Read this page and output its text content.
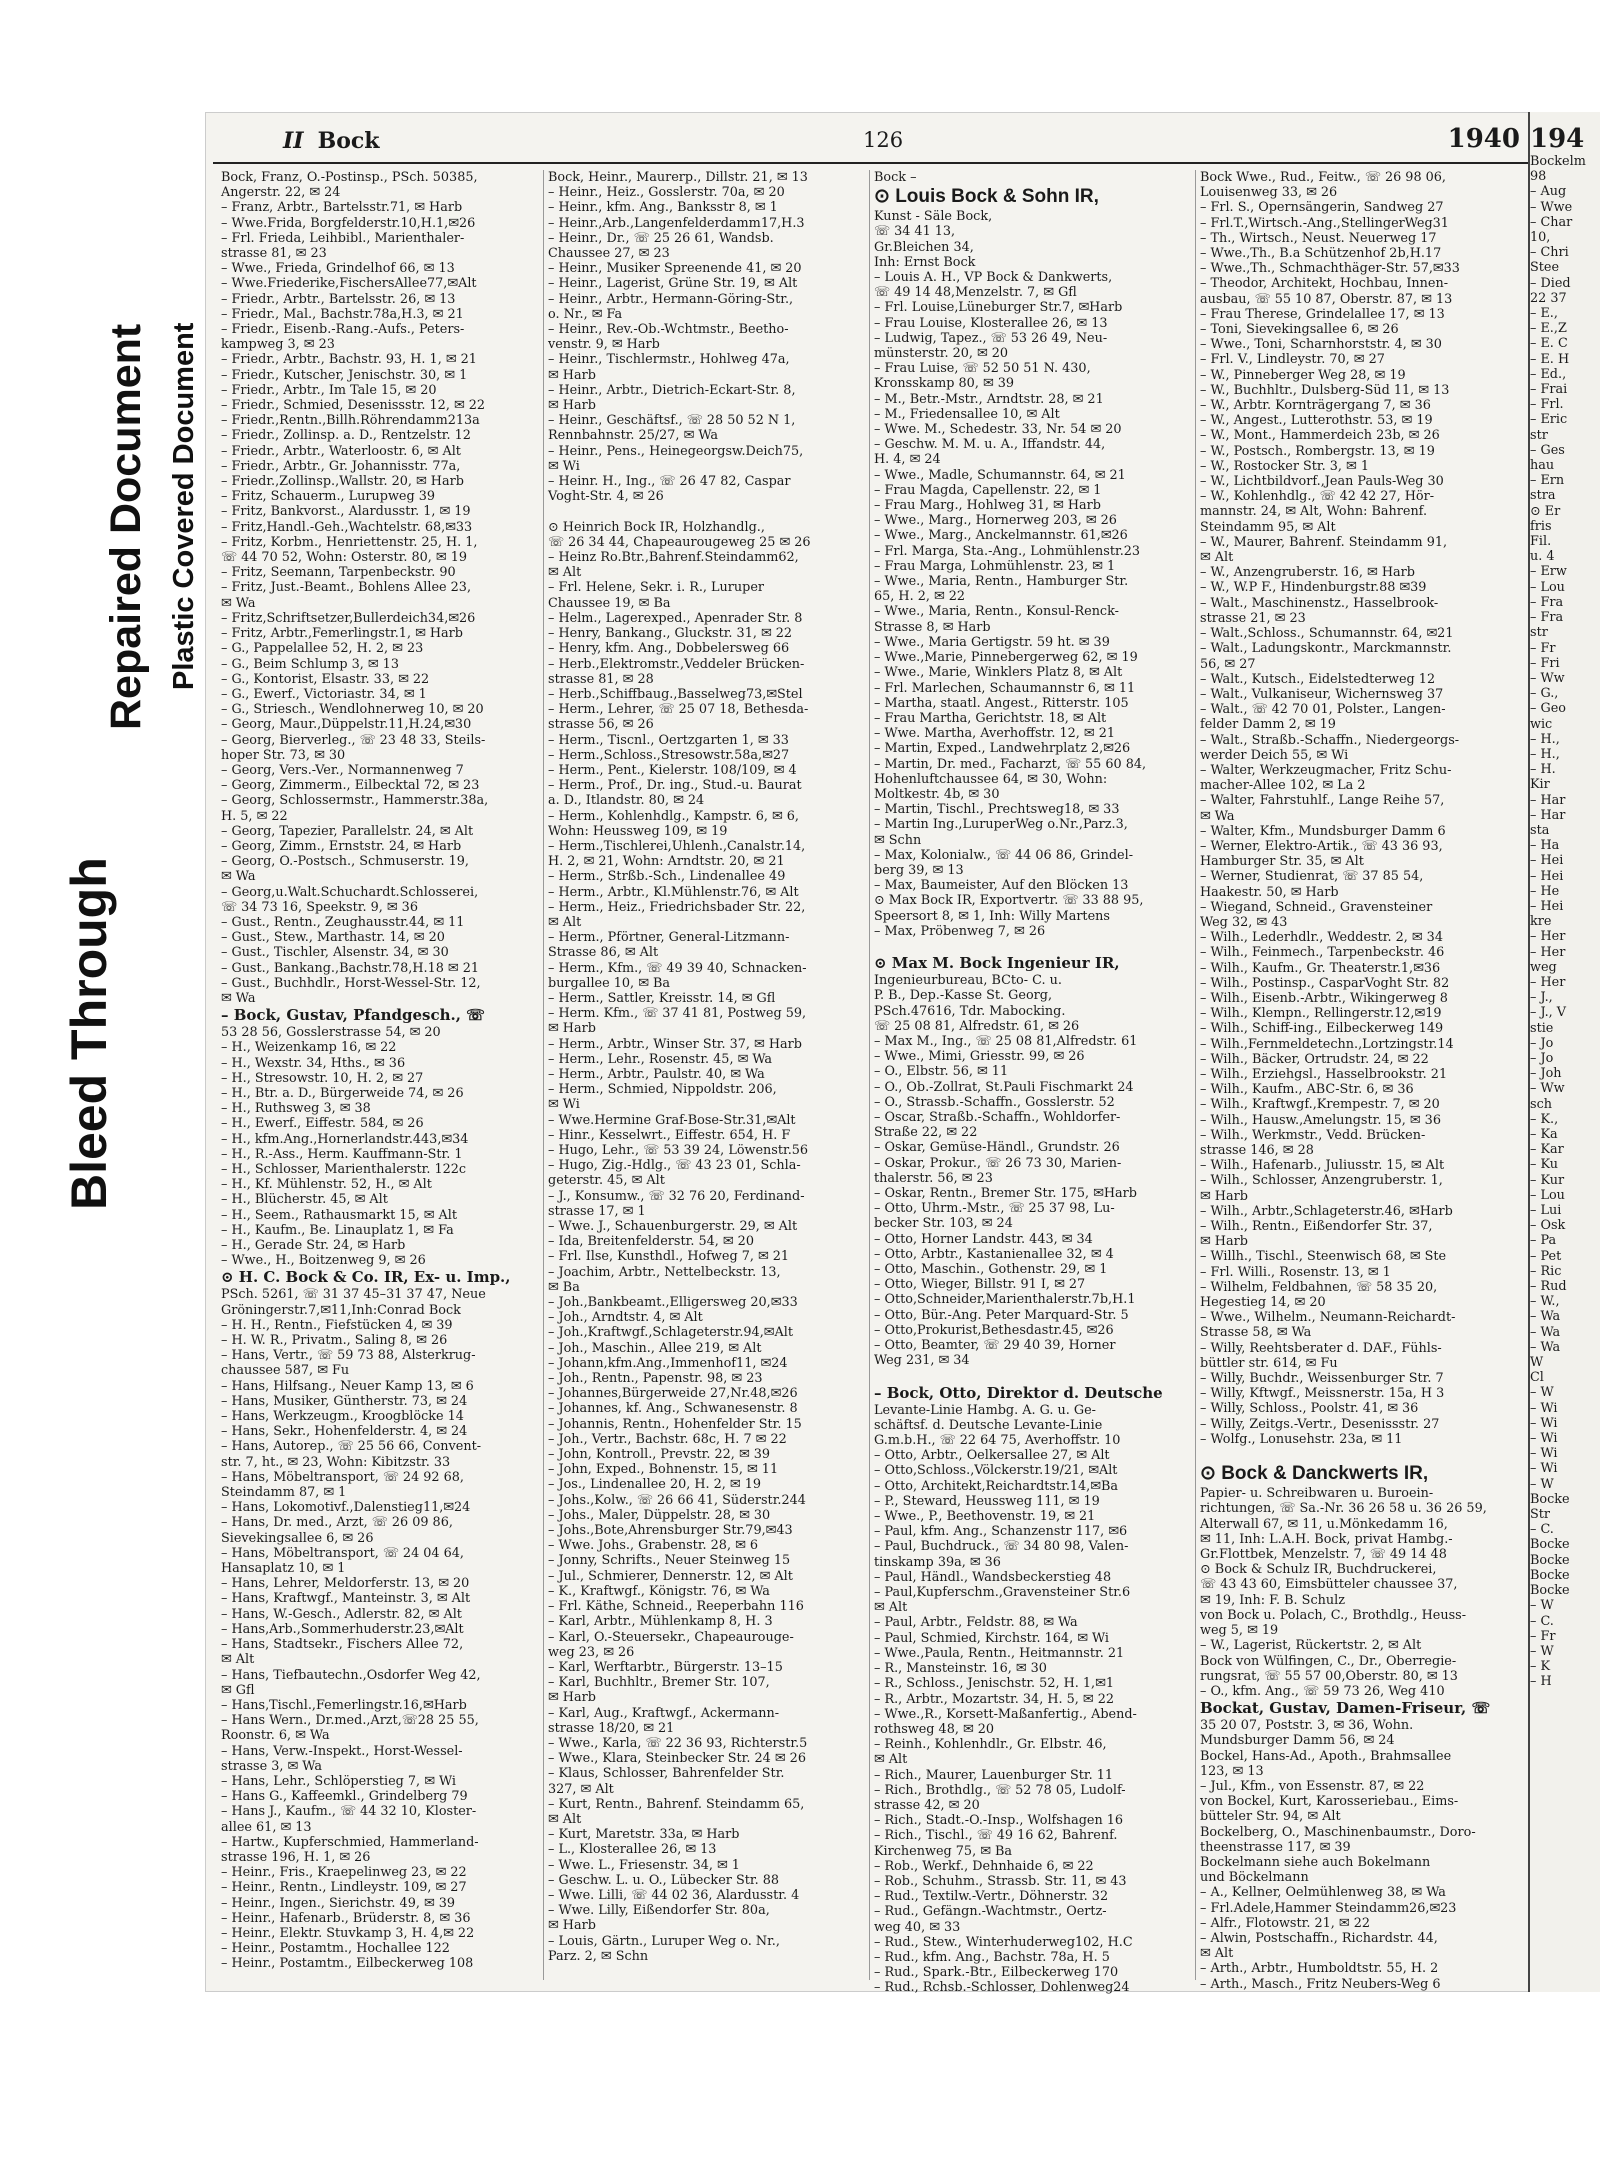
Bleed Through
Repaired Document Plastic Covered Document
II Bock	126	1940

Bock, Franz, O.-Postinsp., PSch. 50385,

Angerstr. 22, ✉ 24

– Franz, Arbtr., Bartelsstr.71, ✉ Harb

– Wwe.Frida, Borgfelderstr.10,H.1,✉26

– Frl. Frieda, Leihbibl., Marienthaler-

strasse 81, ✉ 23

– Wwe., Frieda, Grindelhof 66, ✉ 13

– Wwe.Friederike,FischersAllee77,✉Alt

– Friedr., Arbtr., Bartelsstr. 26, ✉ 13

– Friedr., Mal., Bachstr.78a,H.3, ✉ 21

– Friedr., Eisenb.-Rang.-Aufs., Peters-

kampweg 3, ✉ 23

– Friedr., Arbtr., Bachstr. 93, H. 1, ✉ 21

– Friedr., Kutscher, Jenischstr. 30, ✉ 1

– Friedr., Arbtr., Im Tale 15, ✉ 20

– Friedr., Schmied, Desenissstr. 12, ✉ 22

– Friedr.,Rentn.,Billh.Röhrendamm213a

– Friedr., Zollinsp. a. D., Rentzelstr. 12

– Friedr., Arbtr., Waterloostr. 6, ✉ Alt

– Friedr., Arbtr., Gr. Johannisstr. 77a,

– Friedr.,Zollinsp.,Wallstr. 20, ✉ Harb

– Fritz, Schauerm., Lurupweg 39

– Fritz, Bankvorst., Alardusstr. 1, ✉ 19

– Fritz,Handl.-Geh.,Wachtelstr. 68,✉33

– Fritz, Korbm., Henriettenstr. 25, H. 1,

☏ 44 70 52, Wohn: Osterstr. 80, ✉ 19

– Fritz, Seemann, Tarpenbeckstr. 90

– Fritz, Just.-Beamt., Bohlens Allee 23,

✉ Wa

– Fritz,Schriftsetzer,Bullerdeich34,✉26

– Fritz, Arbtr.,Femerlingstr.1, ✉ Harb

– G., Pappelallee 52, H. 2, ✉ 23

– G., Beim Schlump 3, ✉ 13

– G., Kontorist, Elsastr. 33, ✉ 22

– G., Ewerf., Victoriastr. 34, ✉ 1

– G., Striesch., Wendlohnerweg 10, ✉ 20

– Georg, Maur.,Düppelstr.11,H.24,✉30

– Georg, Bierverleg., ☏ 23 48 33, Steils-

hoper Str. 73, ✉ 30

– Georg, Vers.-Ver., Normannenweg 7

– Georg, Zimmerm., Eilbecktal 72, ✉ 23

– Georg, Schlossermstr., Hammerstr.38a,

H. 5, ✉ 22

– Georg, Tapezier, Parallelstr. 24, ✉ Alt

– Georg, Zimm., Ernststr. 24, ✉ Harb

– Georg, O.-Postsch., Schmuserstr. 19,

✉ Wa

– Georg,u.Walt.Schuchardt.Schlosserei,

☏ 34 73 16, Speekstr. 9, ✉ 36

– Gust., Rentn., Zeughausstr.44, ✉ 11

– Gust., Stew., Marthastr. 14, ✉ 20

– Gust., Tischler, Alsenstr. 34, ✉ 30

– Gust., Bankang.,Bachstr.78,H.18 ✉ 21

– Gust., Buchhdlr., Horst-Wessel-Str. 12,

✉ Wa

– Bock, Gustav, Pfandgesch., ☏

53 28 56, Gosslerstrasse 54, ✉ 20

– H., Weizenkamp 16, ✉ 22

– H., Wexstr. 34, Hths., ✉ 36

– H., Stresowstr. 10, H. 2, ✉ 27

– H., Btr. a. D., Bürgerweide 74, ✉ 26

– H., Ruthsweg 3, ✉ 38

– H., Ewerf., Eiffestr. 584, ✉ 26

– H., kfm.Ang.,Hornerlandstr.443,✉34

– H., R.-Ass., Herm. Kauffmann-Str. 1

– H., Schlosser, Marienthalerstr. 122c

– H., Kf. Mühlenstr. 52, H., ✉ Alt

– H., Blücherstr. 45, ✉ Alt

– H., Seem., Rathausmarkt 15, ✉ Alt

– H., Kaufm., Be. Linauplatz 1, ✉ Fa

– H., Gerade Str. 24, ✉ Harb

– Wwe., H., Boitzenweg 9, ✉ 26

⊙ H. C. Bock & Co. IR, Ex- u. Imp.,

PSch. 5261, ☏ 31 37 45–31 37 47, Neue

Gröningerstr.7,✉11,Inh:Conrad Bock

– H. H., Rentn., Fiefstücken 4, ✉ 39

– H. W. R., Privatm., Saling 8, ✉ 26

– Hans, Vertr., ☏ 59 73 88, Alsterkrug-

chaussee 587, ✉ Fu

– Hans, Hilfsang., Neuer Kamp 13, ✉ 6

– Hans, Musiker, Güntherstr. 73, ✉ 24

– Hans, Werkzeugm., Kroogblöcke 14

– Hans, Sekr., Hohenfelderstr. 4, ✉ 24

– Hans, Autorep., ☏ 25 56 66, Convent-

str. 7, ht., ✉ 23, Wohn: Kibitzstr. 33

– Hans, Möbeltransport, ☏ 24 92 68,

Steindamm 87, ✉ 1

– Hans, Lokomotivf.,Dalenstieg11,✉24

– Hans, Dr. med., Arzt, ☏ 26 09 86,

Sievekingsallee 6, ✉ 26

– Hans, Möbeltransport, ☏ 24 04 64,

Hansaplatz 10, ✉ 1

– Hans, Lehrer, Meldorferstr. 13, ✉ 20

– Hans, Kraftwgf., Manteinstr. 3, ✉ Alt

– Hans, W.-Gesch., Adlerstr. 82, ✉ Alt

– Hans,Arb.,Sommerhuderstr.23,✉Alt

– Hans, Stadtsekr., Fischers Allee 72,

✉ Alt

– Hans, Tiefbautechn.,Osdorfer Weg 42,

✉ Gfl

– Hans,Tischl.,Femerlingstr.16,✉Harb

– Hans Wern., Dr.med.,Arzt,☏28 25 55,

Roonstr. 6, ✉ Wa

– Hans, Verw.-Inspekt., Horst-Wessel-

strasse 3, ✉ Wa

– Hans, Lehr., Schlöperstieg 7, ✉ Wi

– Hans G., Kaffeemkl., Grindelberg 79

– Hans J., Kaufm., ☏ 44 32 10, Kloster-

allee 61, ✉ 13

– Hartw., Kupferschmied, Hammerland-

strasse 196, H. 1, ✉ 26

– Heinr., Fris., Kraepelinweg 23, ✉ 22

– Heinr., Rentn., Lindleystr. 109, ✉ 27

– Heinr., Ingen., Sierichstr. 49, ✉ 39

– Heinr., Hafenarb., Brüderstr. 8, ✉ 36

– Heinr., Elektr. Stuvkamp 3, H. 4,✉ 22

– Heinr., Postamtm., Hochallee 122

– Heinr., Postamtm., Eilbeckerweg 108

Bock, Heinr., Maurerp., Dillstr. 21, ✉ 13

– Heinr., Heiz., Gosslerstr. 70a, ✉ 20

– Heinr., kfm. Ang., Banksstr 8, ✉ 1

– Heinr.,Arb.,Langenfelderdamm17,H.3

– Heinr., Dr., ☏ 25 26 61, Wandsb.

Chaussee 27, ✉ 23

– Heinr., Musiker Spreenende 41, ✉ 20

– Heinr., Lagerist, Grüne Str. 19, ✉ Alt

– Heinr., Arbtr., Hermann-Göring-Str.,

o. Nr., ✉ Fa

– Heinr., Rev.-Ob.-Wchtmstr., Beetho-

venstr. 9, ✉ Harb

– Heinr., Tischlermstr., Hohlweg 47a,

✉ Harb

– Heinr., Arbtr., Dietrich-Eckart-Str. 8,

✉ Harb

– Heinr., Geschäftsf., ☏ 28 50 52 N 1,

Rennbahnstr. 25/27, ✉ Wa

– Heinr., Pens., Heinegeorgsw.Deich75,

✉ Wi

– Heinr. H., Ing., ☏ 26 47 82, Caspar

Voght-Str. 4, ✉ 26

⊙ Heinrich Bock IR, Holzhandlg.,

☏ 26 34 44, Chapeaurougeweg 25 ✉ 26

– Heinz Ro.Btr.,Bahrenf.Steindamm62,

✉ Alt

– Frl. Helene, Sekr. i. R., Luruper

Chaussee 19, ✉ Ba

– Helm., Lagerexped., Apenrader Str. 8

– Henry, Bankang., Gluckstr. 31, ✉ 22

– Henry, kfm. Ang., Dobbelersweg 66

– Herb.,Elektromstr.,Veddeler Brücken-

strasse 81, ✉ 28

– Herb.,Schiffbaug.,Basselweg73,✉Stel

– Herm., Lehrer, ☏ 25 07 18, Bethesda-

strasse 56, ✉ 26

– Herm., Tiscnl., Oertzgarten 1, ✉ 33

– Herm.,Schloss.,Stresowstr.58a,✉27

– Herm., Pent., Kielerstr. 108/109, ✉ 4

– Herm., Prof., Dr. ing., Stud.-u. Baurat

a. D., Itlandstr. 80, ✉ 24

– Herm., Kohlenhdlg., Kampstr. 6, ✉ 6,

Wohn: Heussweg 109, ✉ 19

– Herm.,Tischlerei,Uhlenh.,Canalstr.14,

H. 2, ✉ 21, Wohn: Arndtstr. 20, ✉ 21

– Herm., Strßb.-Sch., Lindenallee 49

– Herm., Arbtr., Kl.Mühlenstr.76, ✉ Alt

– Herm., Heiz., Friedrichsbader Str. 22,

✉ Alt

– Herm., Pförtner, General-Litzmann-

Strasse 86, ✉ Alt

– Herm., Kfm., ☏ 49 39 40, Schnacken-

burgallee 10, ✉ Ba

– Herm., Sattler, Kreisstr. 14, ✉ Gfl

– Herm. Kfm., ☏ 37 41 81, Postweg 59,

✉ Harb

– Herm., Arbtr., Winser Str. 37, ✉ Harb

– Herm., Lehr., Rosenstr. 45, ✉ Wa

– Herm., Arbtr., Paulstr. 40, ✉ Wa

– Herm., Schmied, Nippoldstr. 206,

✉ Wi

– Wwe.Hermine Graf-Bose-Str.31,✉Alt

– Hinr., Kesselwrt., Eiffestr. 654, H. F

– Hugo, Lehr., ☏ 53 39 24, Löwenstr.56

– Hugo, Zig.-Hdlg., ☏ 43 23 01, Schla-

geterstr. 45, ✉ Alt

– J., Konsumw., ☏ 32 76 20, Ferdinand-

strasse 17, ✉ 1

– Wwe. J., Schauenburgerstr. 29, ✉ Alt

– Ida, Breitenfelderstr. 54, ✉ 20

– Frl. Ilse, Kunsthdl., Hofweg 7, ✉ 21

– Joachim, Arbtr., Nettelbeckstr. 13,

✉ Ba

– Joh.,Bankbeamt.,Elligersweg 20,✉33

– Joh., Arndtstr. 4, ✉ Alt

– Joh.,Kraftwgf.,Schlageterstr.94,✉Alt

– Joh., Maschin., Allee 219, ✉ Alt

– Johann,kfm.Ang.,Immenhof11, ✉24

– Joh., Rentn., Papenstr. 98, ✉ 23

– Johannes,Bürgerweide 27,Nr.48,✉26

– Johannes, kf. Ang., Schwanesenstr. 8

– Johannis, Rentn., Hohenfelder Str. 15

– Joh., Vertr., Bachstr. 68c, H. 7 ✉ 22

– John, Kontroll., Prevstr. 22, ✉ 39

– John, Exped., Bohnenstr. 15, ✉ 11

– Jos., Lindenallee 20, H. 2, ✉ 19

– Johs.,Kolw., ☏ 26 66 41, Süderstr.244

– Johs., Maler, Düppelstr. 28, ✉ 30

– Johs.,Bote,Ahrensburger Str.79,✉43

– Wwe. Johs., Grabenstr. 28, ✉ 6

– Jonny, Schrifts., Neuer Steinweg 15

– Jul., Schmierer, Dennerstr. 12, ✉ Alt

– K., Kraftwgf., Königstr. 76, ✉ Wa

– Frl. Käthe, Schneid., Reeperbahn 116

– Karl, Arbtr., Mühlenkamp 8, H. 3

– Karl, O.-Steuersekr., Chapeaurouge-

weg 23, ✉ 26

– Karl, Werftarbtr., Bürgerstr. 13–15

– Karl, Buchhltr., Bremer Str. 107,

✉ Harb

– Karl, Aug., Kraftwgf., Ackermann-

strasse 18/20, ✉ 21

– Wwe., Karla, ☏ 22 36 93, Richterstr.5

– Wwe., Klara, Steinbecker Str. 24 ✉ 26

– Klaus, Schlosser, Bahrenfelder Str.

327, ✉ Alt

– Kurt, Rentn., Bahrenf. Steindamm 65,

✉ Alt

– Kurt, Maretstr. 33a, ✉ Harb

– L., Klosterallee 26, ✉ 13

– Wwe. L., Friesenstr. 34, ✉ 1

– Geschw. L. u. O., Lübecker Str. 88

– Wwe. Lilli, ☏ 44 02 36, Alardusstr. 4

– Wwe. Lilly, Eißendorfer Str. 80a,

✉ Harb

– Louis, Gärtn., Luruper Weg o. Nr.,

Parz. 2, ✉ Schn

Bock –

⊙ Louis Bock & Sohn IR,

Kunst - Säle Bock,

☏ 34 41 13,

Gr.Bleichen 34,

Inh: Ernst Bock

– Louis A. H., VP Bock & Dankwerts,

☏ 49 14 48,Menzelstr. 7, ✉ Gfl

– Frl. Louise,Lüneburger Str.7, ✉Harb

– Frau Louise, Klosterallee 26, ✉ 13

– Ludwig, Tapez., ☏ 53 26 49, Neu-

münsterstr. 20, ✉ 20

– Frau Luise, ☏ 52 50 51 N. 430,

Kronsskamp 80, ✉ 39

– M., Betr.-Mstr., Arndtstr. 28, ✉ 21

– M., Friedensallee 10, ✉ Alt

– Wwe. M., Schedestr. 33, Nr. 54 ✉ 20

– Geschw. M. M. u. A., Iffandstr. 44,

H. 4, ✉ 24

– Wwe., Madle, Schumannstr. 64, ✉ 21

– Frau Magda, Capellenstr. 22, ✉ 1

– Frau Marg., Hohlweg 31, ✉ Harb

– Wwe., Marg., Hornerweg 203, ✉ 26

– Wwe., Marg., Anckelmannstr. 61,✉26

– Frl. Marga, Sta.-Ang., Lohmühlenstr.23

– Frau Marga, Lohmühlenstr. 23, ✉ 1

– Wwe., Maria, Rentn., Hamburger Str.

65, H. 2, ✉ 22

– Wwe., Maria, Rentn., Konsul-Renck-

Strasse 8, ✉ Harb

– Wwe., Maria Gertigstr. 59 ht. ✉ 39

– Wwe.,Marie, Pinnebergerweg 62, ✉ 19

– Wwe., Marie, Winklers Platz 8, ✉ Alt

– Frl. Marlechen, Schaumannstr 6, ✉ 11

– Martha, staatl. Angest., Ritterstr. 105

– Frau Martha, Gerichtstr. 18, ✉ Alt

– Wwe. Martha, Averhoffstr. 12, ✉ 21

– Martin, Exped., Landwehrplatz 2,✉26

– Martin, Dr. med., Facharzt, ☏ 55 60 84,

Hohenluftchaussee 64, ✉ 30, Wohn:

Moltkestr. 4b, ✉ 30

– Martin, Tischl., Prechtsweg18, ✉ 33

– Martin Ing.,LuruperWeg o.Nr.,Parz.3,

✉ Schn

– Max, Kolonialw., ☏ 44 06 86, Grindel-

berg 39, ✉ 13

– Max, Baumeister, Auf den Blöcken 13

⊙ Max Bock IR, Exportvertr. ☏ 33 88 95,

Speersort 8, ✉ 1, Inh: Willy Martens

– Max, Pröbenweg 7, ✉ 26

⊙ Max M. Bock Ingenieur IR,

Ingenieurbureau, BCto- C. u.

P. B., Dep.-Kasse St. Georg,

PSch.47616, Tdr. Mabocking.

☏ 25 08 81, Alfredstr. 61, ✉ 26

– Max M., Ing., ☏ 25 08 81,Alfredstr. 61

– Wwe., Mimi, Griesstr. 99, ✉ 26

– O., Elbstr. 56, ✉ 11

– O., Ob.-Zollrat, St.Pauli Fischmarkt 24

– O., Strassb.-Schaffn., Gosslerstr. 52

– Oscar, Straßb.-Schaffn., Wohldorfer-

Straße 22, ✉ 22

– Oskar, Gemüse-Händl., Grundstr. 26

– Oskar, Prokur., ☏ 26 73 30, Marien-

thalerstr. 56, ✉ 23

– Oskar, Rentn., Bremer Str. 175, ✉Harb

– Otto, Uhrm.-Mstr., ☏ 25 37 98, Lu-

becker Str. 103, ✉ 24

– Otto, Horner Landstr. 443, ✉ 34

– Otto, Arbtr., Kastanienallee 32, ✉ 4

– Otto, Maschin., Gothenstr. 29, ✉ 1

– Otto, Wieger, Billstr. 91 I, ✉ 27

– Otto,Schneider,Marienthalerstr.7b,H.1

– Otto, Bür.-Ang. Peter Marquard-Str. 5

– Otto,Prokurist,Bethesdastr.45, ✉26

– Otto, Beamter, ☏ 29 40 39, Horner

Weg 231, ✉ 34

– Bock, Otto, Direktor d. Deutsche

Levante-Linie Hambg. A. G. u. Ge-

schäftsf. d. Deutsche Levante-Linie

G.m.b.H., ☏ 22 64 75, Averhoffstr. 10

– Otto, Arbtr., Oelkersallee 27, ✉ Alt

– Otto,Schloss.,Völckerstr.19/21, ✉Alt

– Otto, Architekt,Reichardtstr.14,✉Ba

– P., Steward, Heussweg 111, ✉ 19

– Wwe., P., Beethovenstr. 19, ✉ 21

– Paul, kfm. Ang., Schanzenstr 117, ✉6

– Paul, Buchdruck., ☏ 34 80 98, Valen-

tinskamp 39a, ✉ 36

– Paul, Händl., Wandsbeckerstieg 48

– Paul,Kupferschm.,Gravensteiner Str.6

✉ Alt

– Paul, Arbtr., Feldstr. 88, ✉ Wa

– Paul, Schmied, Kirchstr. 164, ✉ Wi

– Wwe.,Paula, Rentn., Heitmannstr. 21

– R., Mansteinstr. 16, ✉ 30

– R., Schloss., Jenischstr. 52, H. 1,✉1

– R., Arbtr., Mozartstr. 34, H. 5, ✉ 22

– Wwe.,R., Korsett-Maßanfertig., Abend-

rothsweg 48, ✉ 20

– Reinh., Kohlenhdlr., Gr. Elbstr. 46,

✉ Alt

– Rich., Maurer, Lauenburger Str. 11

– Rich., Brothdlg., ☏ 52 78 05, Ludolf-

strasse 42, ✉ 20

– Rich., Stadt.-O.-Insp., Wolfshagen 16

– Rich., Tischl., ☏ 49 16 62, Bahrenf.

Kirchenweg 75, ✉ Ba

– Rob., Werkf., Dehnhaide 6, ✉ 22

– Rob., Schuhm., Strassb. Str. 11, ✉ 43

– Rud., Textilw.-Vertr., Döhnerstr. 32

– Rud., Gefängn.-Wachtmstr., Oertz-

weg 40, ✉ 33

– Rud., Stew., Winterhuderweg102, H.C

– Rud., kfm. Ang., Bachstr. 78a, H. 5

– Rud., Spark.-Btr., Eilbeckerweg 170

– Rud., Rchsb.-Schlosser, Dohlenweg24

Bock Wwe., Rud., Feitw., ☏ 26 98 06,

Louisenweg 33, ✉ 26

– Frl. S., Opernsängerin, Sandweg 27

– Frl.T.,Wirtsch.-Ang.,StellingerWeg31

– Th., Wirtsch., Neust. Neuerweg 17

– Wwe.,Th., B.a Schützenhof 2b,H.17

– Wwe.,Th., Schmachthäger-Str. 57,✉33

– Theodor, Architekt, Hochbau, Innen-

ausbau, ☏ 55 10 87, Oberstr. 87, ✉ 13

– Frau Therese, Grindelallee 17, ✉ 13

– Toni, Sievekingsallee 6, ✉ 26

– Wwe., Toni, Scharnhorststr. 4, ✉ 30

– Frl. V., Lindleystr. 70, ✉ 27

– W., Pinneberger Weg 28, ✉ 19

– W., Buchhltr., Dulsberg-Süd 11, ✉ 13

– W., Arbtr. Kornträgergang 7, ✉ 36

– W., Angest., Lutterothstr. 53, ✉ 19

– W., Mont., Hammerdeich 23b, ✉ 26

– W., Postsch., Rombergstr. 13, ✉ 19

– W., Rostocker Str. 3, ✉ 1

– W., Lichtbildvorf.,Jean Pauls-Weg 30

– W., Kohlenhdlg., ☏ 42 42 27, Hör-

mannstr. 24, ✉ Alt, Wohn: Bahrenf.

Steindamm 95, ✉ Alt

– W., Maurer, Bahrenf. Steindamm 91,

✉ Alt

– W., Anzengruberstr. 16, ✉ Harb

– W., W.P F., Hindenburgstr.88 ✉39

– Walt., Maschinenstz., Hasselbrook-

strasse 21, ✉ 23

– Walt.,Schloss., Schumannstr. 64, ✉21

– Walt., Ladungskontr., Marckmannstr.

56, ✉ 27

– Walt., Kutsch., Eidelstedterweg 12

– Walt., Vulkaniseur, Wichernsweg 37

– Walt., ☏ 42 70 01, Polster., Langen-

felder Damm 2, ✉ 19

– Walt., Straßb.-Schaffn., Niedergeorgs-

werder Deich 55, ✉ Wi

– Walter, Werkzeugmacher, Fritz Schu-

macher-Allee 102, ✉ La 2

– Walter, Fahrstuhlf., Lange Reihe 57,

✉ Wa

– Walter, Kfm., Mundsburger Damm 6

– Werner, Elektro-Artik., ☏ 43 36 93,

Hamburger Str. 35, ✉ Alt

– Werner, Studienrat, ☏ 37 85 54,

Haakestr. 50, ✉ Harb

– Wiegand, Schneid., Gravensteiner

Weg 32, ✉ 43

– Wilh., Lederhdlr., Weddestr. 2, ✉ 34

– Wilh., Feinmech., Tarpenbeckstr. 46

– Wilh., Kaufm., Gr. Theaterstr.1,✉36

– Wilh., Postinsp., CasparVoght Str. 82

– Wilh., Eisenb.-Arbtr., Wikingerweg 8

– Wilh., Klempn., Rellingerstr.12,✉19

– Wilh., Schiff-ing., Eilbeckerweg 149

– Wilh.,Fernmeldetechn.,Lortzingstr.14

– Wilh., Bäcker, Ortrudstr. 24, ✉ 22

– Wilh., Erziehgsl., Hasselbrookstr. 21

– Wilh., Kaufm., ABC-Str. 6, ✉ 36

– Wilh., Kraftwgf.,Krempestr. 7, ✉ 20

– Wilh., Hausw.,Amelungstr. 15, ✉ 36

– Wilh., Werkmstr., Vedd. Brücken-

strasse 146, ✉ 28

– Wilh., Hafenarb., Juliusstr. 15, ✉ Alt

– Wilh., Schlosser, Anzengruberstr. 1,

✉ Harb

– Wilh., Arbtr.,Schlageterstr.46, ✉Harb

– Wilh., Rentn., Eißendorfer Str. 37,

✉ Harb

– Willh., Tischl., Steenwisch 68, ✉ Ste

– Frl. Willi., Rosenstr. 13, ✉ 1

– Wilhelm, Feldbahnen, ☏ 58 35 20,

Hegestieg 14, ✉ 20

– Wwe., Wilhelm., Neumann-Reichardt-

Strasse 58, ✉ Wa

– Willy, Reehtsberater d. DAF., Fühls-

büttler str. 614, ✉ Fu

– Willy, Buchdr., Weissenburger Str. 7

– Willy, Kftwgf., Meissnerstr. 15a, H 3

– Willy, Schloss., Poolstr. 41, ✉ 36

– Willy, Zeitgs.-Vertr., Desenissstr. 27

– Wolfg., Lonusehstr. 23a, ✉ 11

⊙ Bock & Danckwerts IR,

Papier- u. Schreibwaren u. Buroein-

richtungen, ☏ Sa.-Nr. 36 26 58 u. 36 26 59,

Alterwall 67, ✉ 11, u.Mönkedamm 16,

✉ 11, Inh: L.A.H. Bock, privat Hambg.-

Gr.Flottbek, Menzelstr. 7, ☏ 49 14 48

⊙ Bock & Schulz IR, Buchdruckerei,

☏ 43 43 60, Eimsbütteler chaussee 37,

✉ 19, Inh: F. B. Schulz

von Bock u. Polach, C., Brothdlg., Heuss-

weg 5, ✉ 19

– W., Lagerist, Rückertstr. 2, ✉ Alt

Bock von Wülfingen, C., Dr., Oberregie-

rungsrat, ☏ 55 57 00,Oberstr. 80, ✉ 13

– O., kfm. Ang., ☏ 59 73 26, Weg 410

Bockat, Gustav, Damen-Friseur, ☏

35 20 07, Poststr. 3, ✉ 36, Wohn.

Mundsburger Damm 56, ✉ 24

Bockel, Hans-Ad., Apoth., Brahmsallee

123, ✉ 13

– Jul., Kfm., von Essenstr. 87, ✉ 22

von Bockel, Kurt, Karosseriebau., Eims-

bütteler Str. 94, ✉ Alt

Bockelberg, O., Maschinenbaumstr., Doro-

theenstrasse 117, ✉ 39

Bockelmann siehe auch Bokelmann

und Böckelmann

– A., Kellner, Oelmühlenweg 38, ✉ Wa

– Frl.Adele,Hammer Steindamm26,✉23

– Alfr., Flotowstr. 21, ✉ 22

– Alwin, Postschaffn., Richardstr. 44,

✉ Alt

– Arth., Arbtr., Humboldtstr. 55, H. 2

– Arth., Masch., Fritz Neubers-Weg 6

194

Bockelm

98

– Aug

– Wwe

– Char

10,

– Chri

Stee

– Died

22 37

– E.,

– E.,Z

– E. C

– E. H

– Ed.,

– Frai

– Frl.

– Eric

str

– Ges

hau

– Ern

stra

⊙ Er

fris

Fil.

u. 4

– Erw

– Lou

– Fra

– Fra

str

– Fr

– Fri

– Ww

– G.,

– Geo

wic

– H.,

– H.,

– H.

Kir

– Har

– Har

sta

– Ha

– Hei

– Hei

– He

– Hei

kre

– Her

– Her

weg

– Her

– J.,

– J., V

stie

– Jo

– Jo

– Joh

– Ww

sch

– K.,

– Ka

– Kar

– Ku

– Kur

– Lou

– Lui

– Osk

– Pa

– Pet

– Ric

– Rud

– W.,

– Wa

– Wa

– Wa

W

Cl

– W

– Wi

– Wi

– Wi

– Wi

– Wi

– W

Bocke

Str

– C.

Bocke

Bocke

Bocke

Bocke

– W

– C.

– Fr

– W

– K

– H
